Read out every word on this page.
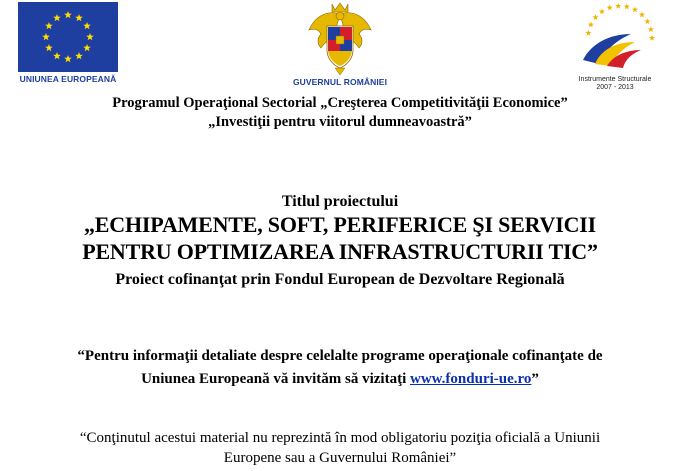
UNIUNEA EUROPEANĂ	GUVERNUL ROMÂNIEI	Instrumente Structurale
2007 - 2013
Programul Operaţional Sectorial „Creşterea Competitivităţii Economice”
„Investiţii pentru viitorul dumneavoastră”
Titlul proiectului
„ECHIPAMENTE, SOFT, PERIFERICE ŞI SERVICII
PENTRU OPTIMIZAREA INFRASTRUCTURII TIC”
Proiect cofinanţat prin Fondul European de Dezvoltare Regională
“Pentru informaţii detaliate despre celelalte programe operaţionale cofinanţate de
Uniunea Europeană vă invităm să vizitaţi www.fonduri-ue.ro”
“Conţinutul acestui material nu reprezintă în mod obligatoriu poziţia oficială a Uniunii
Europene sau a Guvernului României”
